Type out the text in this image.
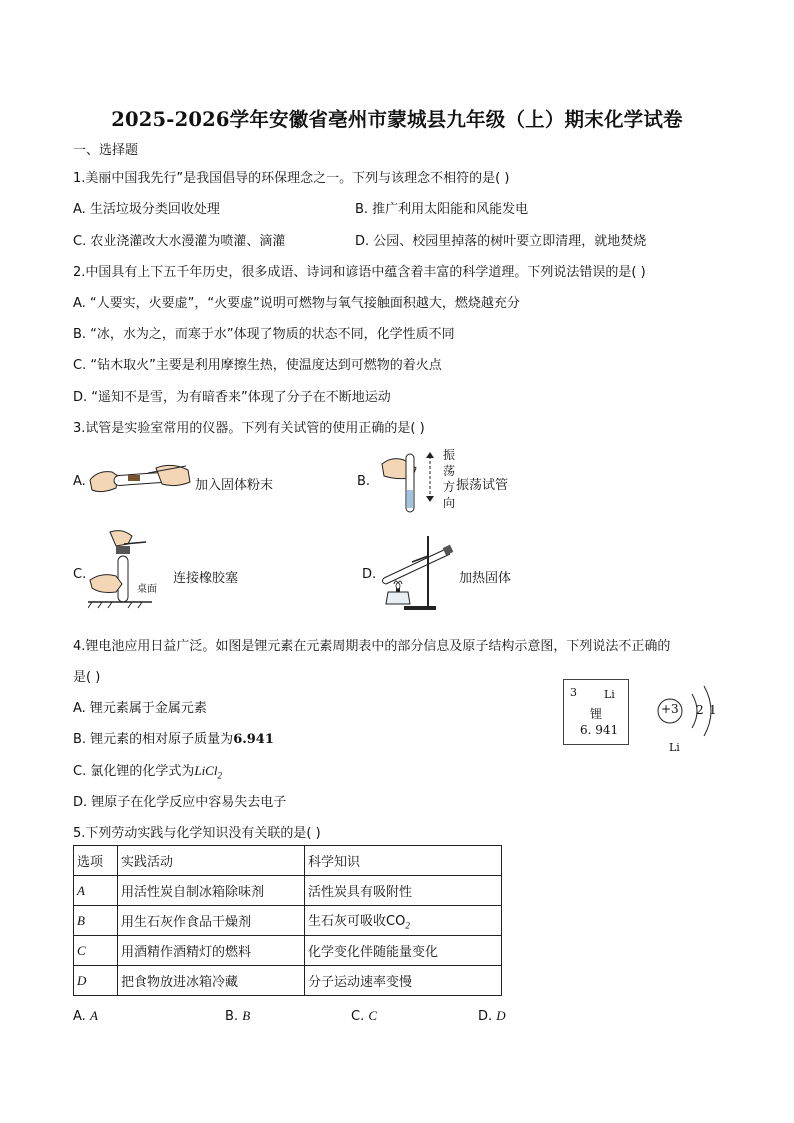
2025-2026学年安徽省亳州市蒙城县九年级（上）期末化学试卷
一、选择题
1.美丽中国我先行”是我国倡导的环保理念之一。下列与该理念不相符的是( )
A. 生活垃圾分类回收处理	B. 推广利用太阳能和风能发电
C. 农业浇灌改大水漫灌为喷灌、滴灌	D. 公园、校园里掉落的树叶要立即清理，就地焚烧
2.中国具有上下五千年历史，很多成语、诗词和谚语中蕴含着丰富的科学道理。下列说法错误的是( )
A. “人要实，火要虚”，“火要虚”说明可燃物与氧气接触面积越大，燃烧越充分
B. “冰，水为之，而寒于水”体现了物质的状态不同，化学性质不同
C. “钻木取火”主要是利用摩擦生热，使温度达到可燃物的着火点
D. “遥知不是雪，为有暗香来”体现了分子在不断地运动
3.试管是实验室常用的仪器。下列有关试管的使用正确的是( )
A.	加入固体粉末	B.
振
荡
方
向
振荡试管
C.
桌面
连接橡胶塞	D.	加热固体
4.锂电池应用日益广泛。如图是锂元素在元素周期表中的部分信息及原子结构示意图，下列说法不正确的
是( )
A. 锂元素属于金属元素
B. 锂元素的相对原子质量为6.941
C. 氯化锂的化学式为LiCl$_2$
D. 锂原子在化学反应中容易失去电子
3 Li
锂
6. 941
+3 2 1
Li
5.下列劳动实践与化学知识没有关联的是( )
选项	实践活动	科学知识
A	用活性炭自制冰箱除味剂	活性炭具有吸附性
B	用生石灰作食品干燥剂	生石灰可吸收$CO_2$
C	用酒精作酒精灯的燃料	化学变化伴随能量变化
D	把食物放进冰箱冷藏	分子运动速率变慢
A. A	B. B	C. C	D. D
